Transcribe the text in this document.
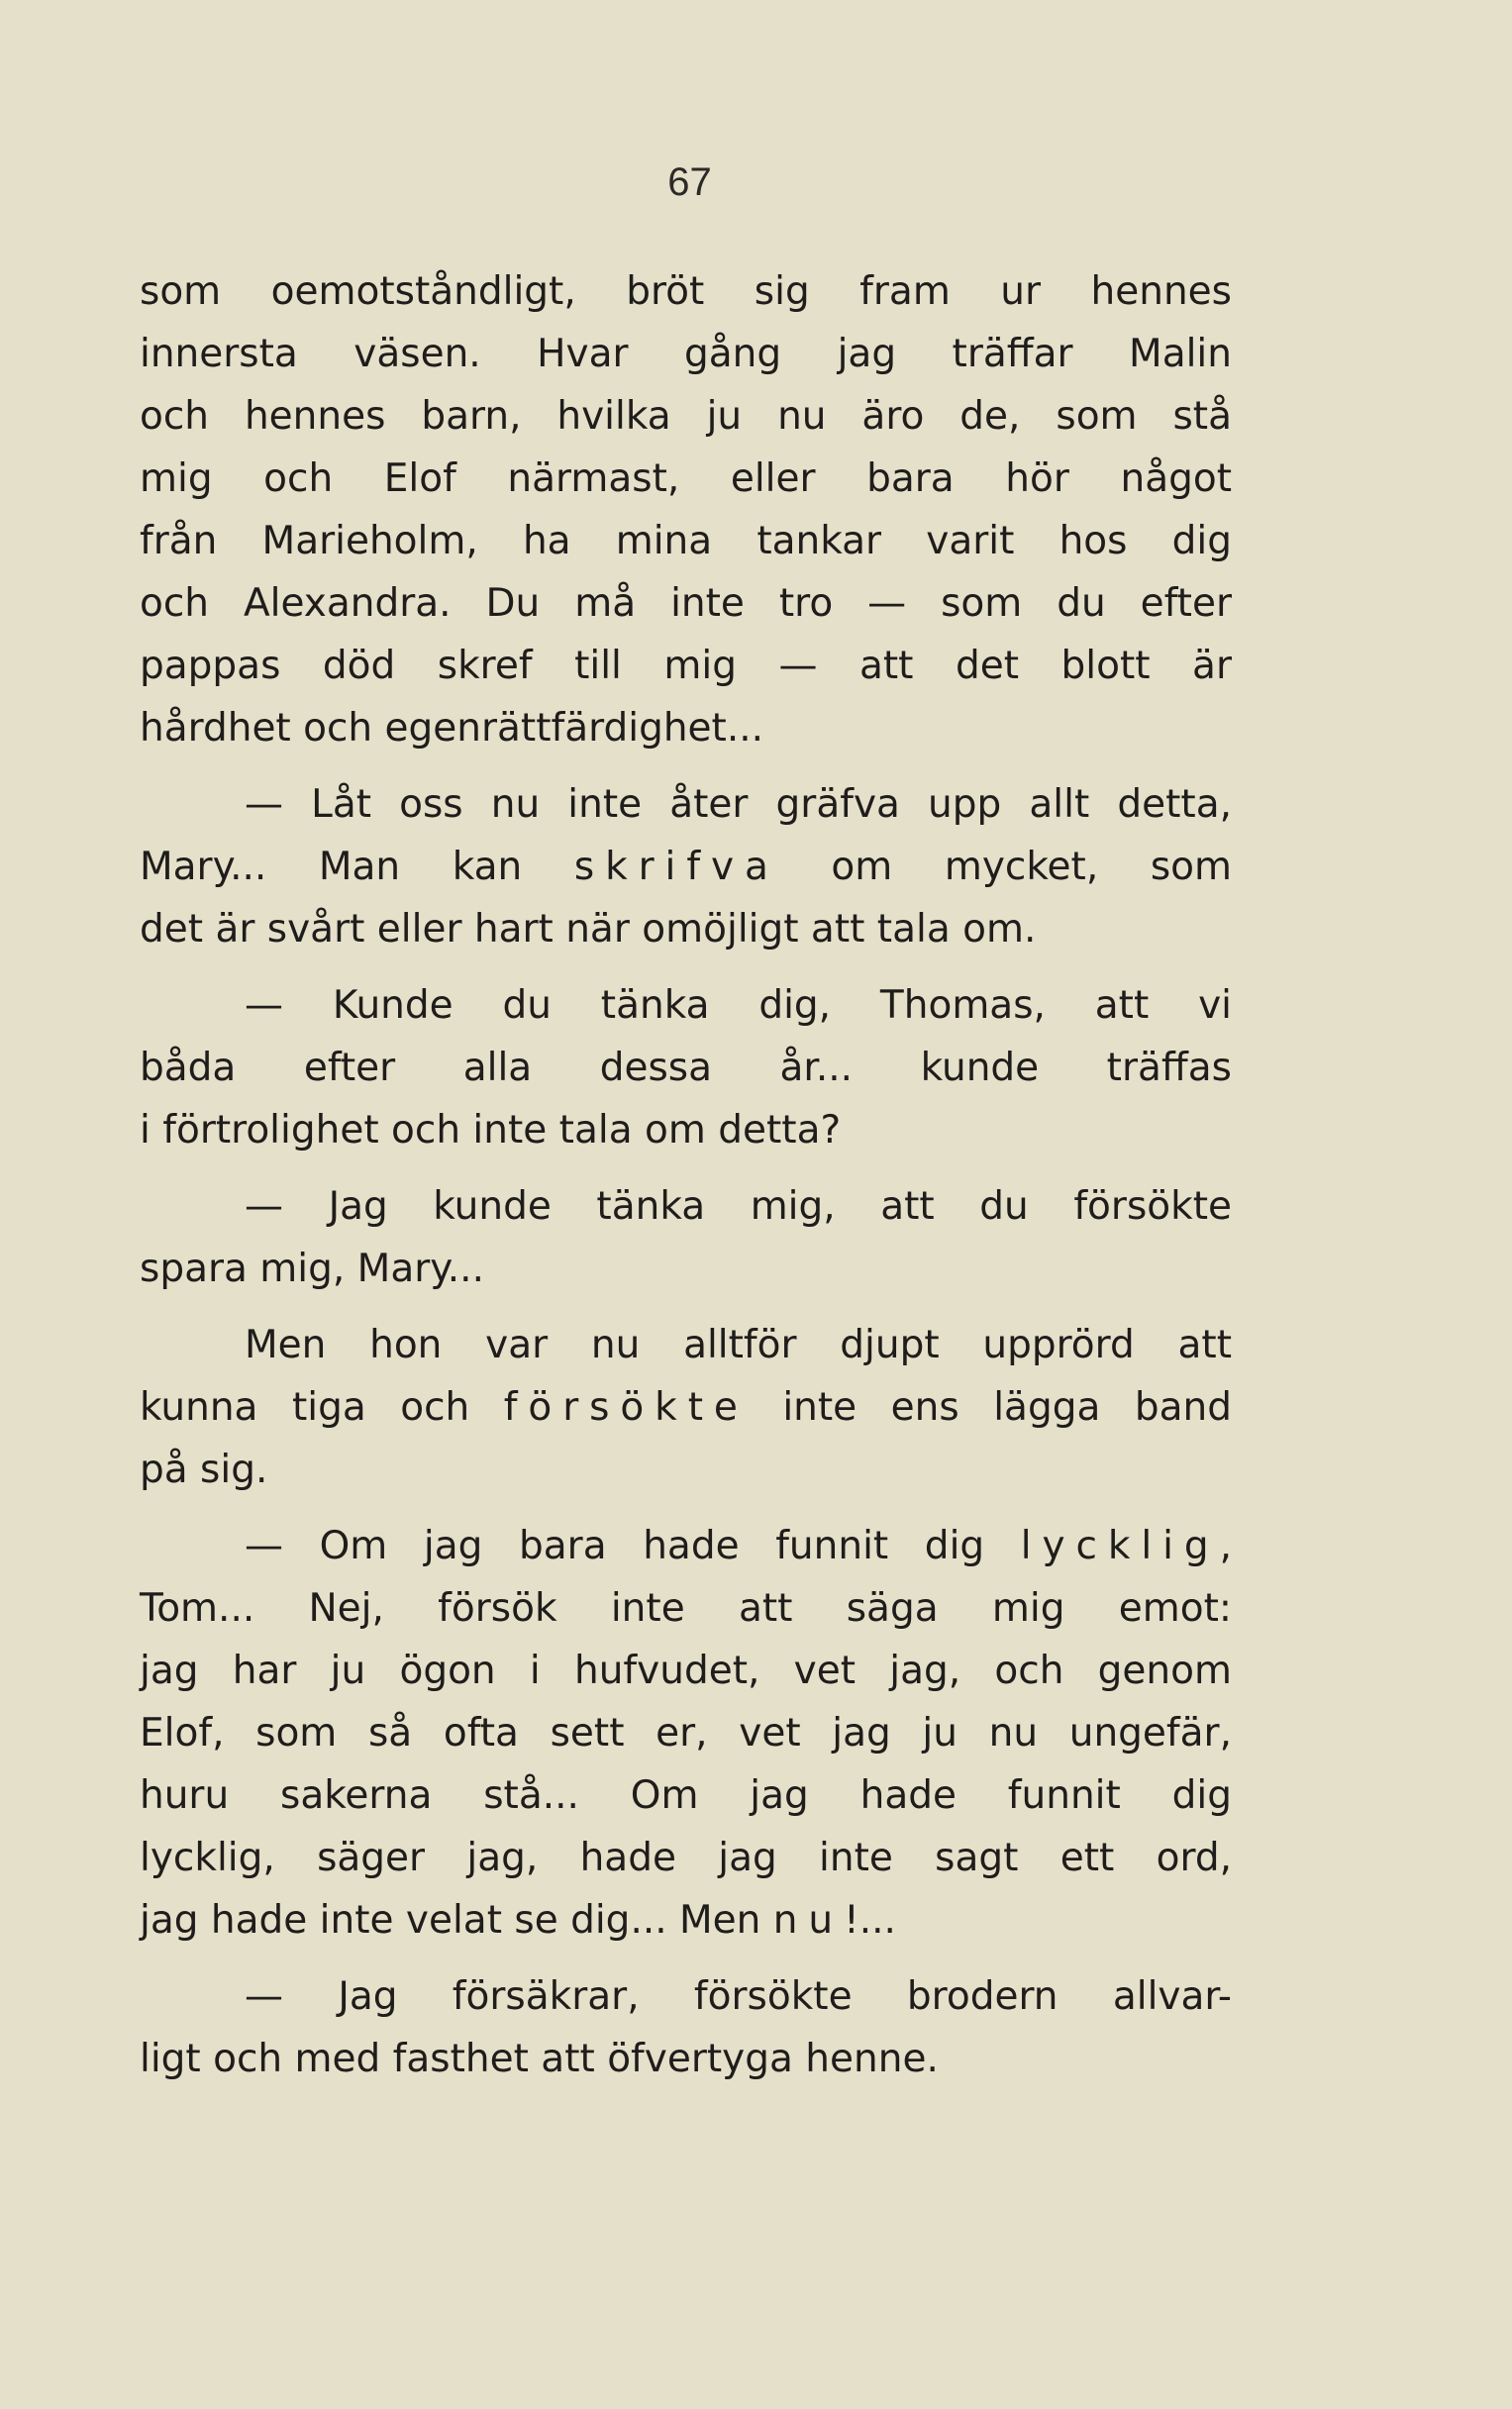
67
som oemotståndligt, bröt sig fram ur hennes
innersta väsen. Hvar gång jag träffar Malin
och hennes barn, hvilka ju nu äro de, som stå
mig och Elof närmast, eller bara hör något
från Marieholm, ha mina tankar varit hos dig
och Alexandra. Du må inte tro — som du efter
pappas död skref till mig — att det blott är
hårdhet och egenrättfärdighet...
— Låt oss nu inte åter gräfva upp allt detta,
Mary... Man kan skrifva om mycket, som
det är svårt eller hart när omöjligt att tala om.
— Kunde du tänka dig, Thomas, att vi
båda efter alla dessa år... kunde träffas
i förtrolighet och inte tala om detta?
— Jag kunde tänka mig, att du försökte
spara mig, Mary...
Men hon var nu alltför djupt upprörd att
kunna tiga och försökte inte ens lägga band
på sig.
— Om jag bara hade funnit dig lycklig,
Tom... Nej, försök inte att säga mig emot:
jag har ju ögon i hufvudet, vet jag, och genom
Elof, som så ofta sett er, vet jag ju nu ungefär,
huru sakerna stå... Om jag hade funnit dig
lycklig, säger jag, hade jag inte sagt ett ord,
jag hade inte velat se dig... Men nu!...
— Jag försäkrar, försökte brodern allvar-
ligt och med fasthet att öfvertyga henne.
